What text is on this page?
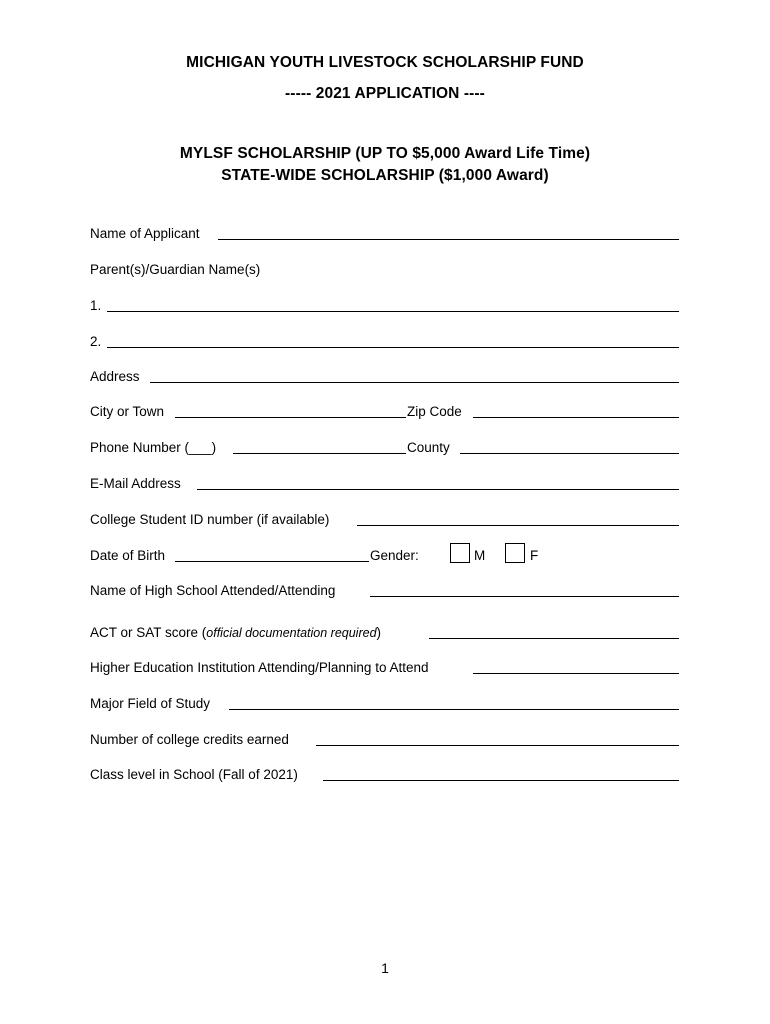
MICHIGAN YOUTH LIVESTOCK SCHOLARSHIP FUND
----- 2021 APPLICATION ----
MYLSF SCHOLARSHIP (UP TO $5,000 Award Life Time)
STATE-WIDE SCHOLARSHIP ($1,000 Award)
Name of Applicant
Parent(s)/Guardian Name(s)
1.
2.
Address
City or Town	Zip Code
Phone Number (___)	County
E-Mail Address
College Student ID number (if available)
Date of Birth	Gender:	M	F
Name of High School Attended/Attending
ACT or SAT score (official documentation required)
Higher Education Institution Attending/Planning to Attend
Major Field of Study
Number of college credits earned
Class level in School (Fall of 2021)
1
